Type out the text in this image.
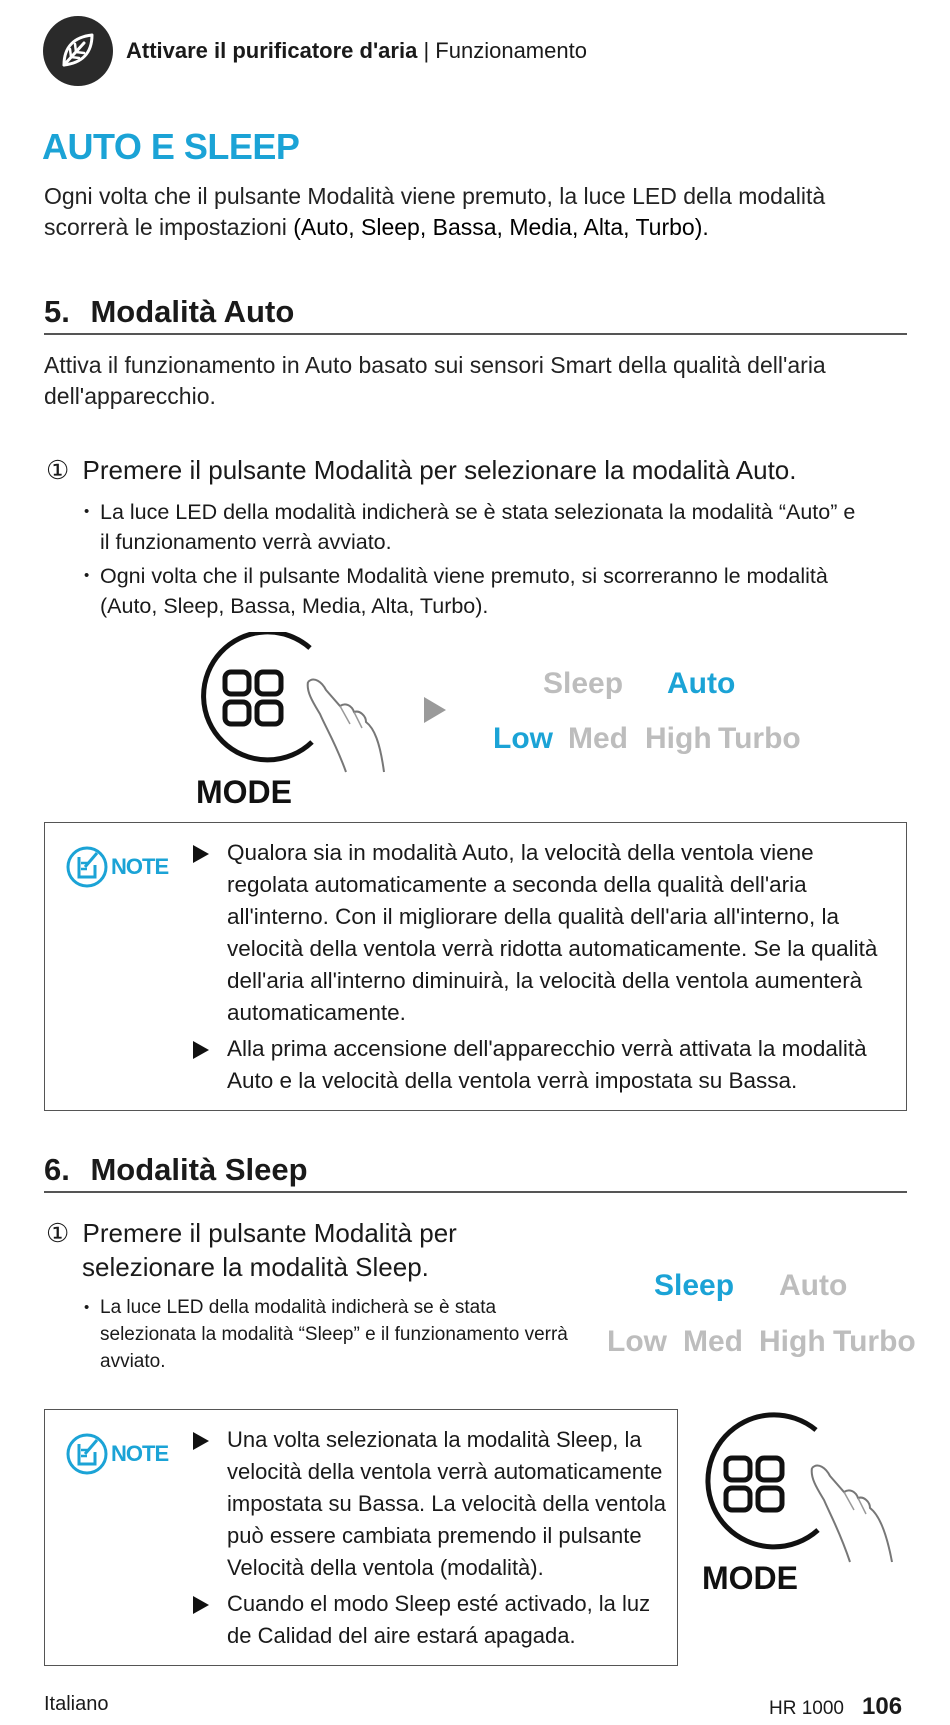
Attivare il purificatore d'aria | Funzionamento
AUTO E SLEEP
Ogni volta che il pulsante Modalità viene premuto, la luce LED della modalità
scorrerà le impostazioni (Auto, Sleep, Bassa, Media, Alta, Turbo).
5. Modalità Auto
Attiva il funzionamento in Auto basato sui sensori Smart della qualità dell'aria
dell'apparecchio.
① Premere il pulsante Modalità per selezionare la modalità Auto.
• La luce LED della modalità indicherà se è stata selezionata la modalità “Auto” e
il funzionamento verrà avviato.
• Ogni volta che il pulsante Modalità viene premuto, si scorreranno le modalità
(Auto, Sleep, Bassa, Media, Alta, Turbo).
MODE
Sleep Auto
Low Med High Turbo
NOTE
Qualora sia in modalità Auto, la velocità della ventola viene
regolata automaticamente a seconda della qualità dell'aria
all'interno. Con il migliorare della qualità dell'aria all'interno, la
velocità della ventola verrà ridotta automaticamente. Se la qualità
dell'aria all'interno diminuirà, la velocità della ventola aumenterà
automaticamente.
Alla prima accensione dell'apparecchio verrà attivata la modalità
Auto e la velocità della ventola verrà impostata su Bassa.
6. Modalità Sleep
① Premere il pulsante Modalità per
selezionare la modalità Sleep.
• La luce LED della modalità indicherà se è stata
selezionata la modalità “Sleep” e il funzionamento verrà
avviato.
Sleep Auto
Low Med High Turbo
NOTE
Una volta selezionata la modalità Sleep, la
velocità della ventola verrà automaticamente
impostata su Bassa. La velocità della ventola
può essere cambiata premendo il pulsante
Velocità della ventola (modalità).
Cuando el modo Sleep esté activado, la luz
de Calidad del aire estará apagada.
MODE
Italiano	HR 1000 106
